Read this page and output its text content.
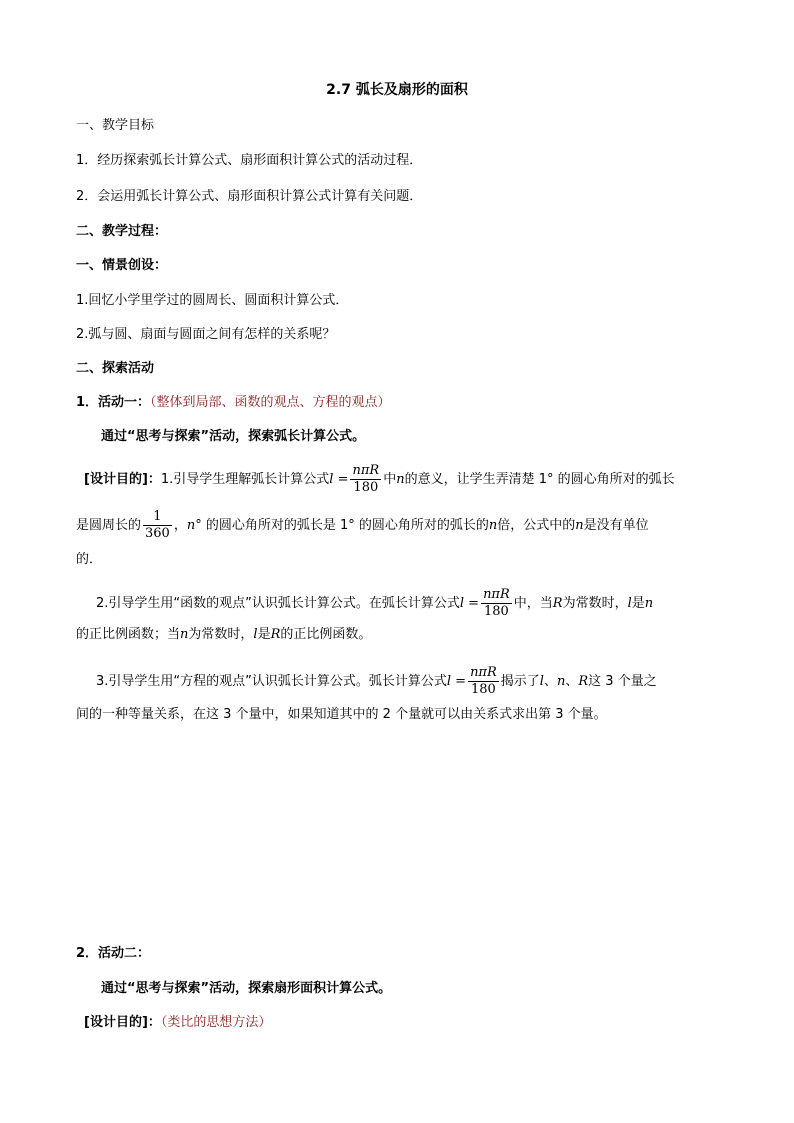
2.7 弧长及扇形的面积
一、教学目标
1．经历探索弧长计算公式、扇形面积计算公式的活动过程．
2．会运用弧长计算公式、扇形面积计算公式计算有关问题．
二、教学过程：
一、情景创设：
1.回忆小学里学过的圆周长、圆面积计算公式．
2.弧与圆、扇面与圆面之间有怎样的关系呢？
二、探索活动
1．活动一：（整体到局部、函数的观点、方程的观点）
通过“思考与探索”活动，探索弧长计算公式。
[设计目的]：1.引导学生理解弧长计算公式$l = \frac{\text{nπR}}{180}$ 中n的意义，让学生弄清楚 1° 的圆心角所对的弧长
是圆周长的 $\frac{1}{360}$ ，n° 的圆心角所对的弧长是 1° 的圆心角所对的弧长的n倍，公式中的n是没有单位
的．
2.引导学生用“函数的观点”认识弧长计算公式。在弧长计算公式$l = \frac{\text{nπR}}{180}$ 中，当R为常数时，l是n
的正比例函数；当n为常数时，l是R的正比例函数。
3.引导学生用“方程的观点”认识弧长计算公式。弧长计算公式$l = \frac{\text{nπR}}{180}$ 揭示了l、n、R这 3 个量之
间的一种等量关系，在这 3 个量中，如果知道其中的 2 个量就可以由关系式求出第 3 个量。
2．活动二：
通过“思考与探索”活动，探索扇形面积计算公式。
[设计目的]：（类比的思想方法）
